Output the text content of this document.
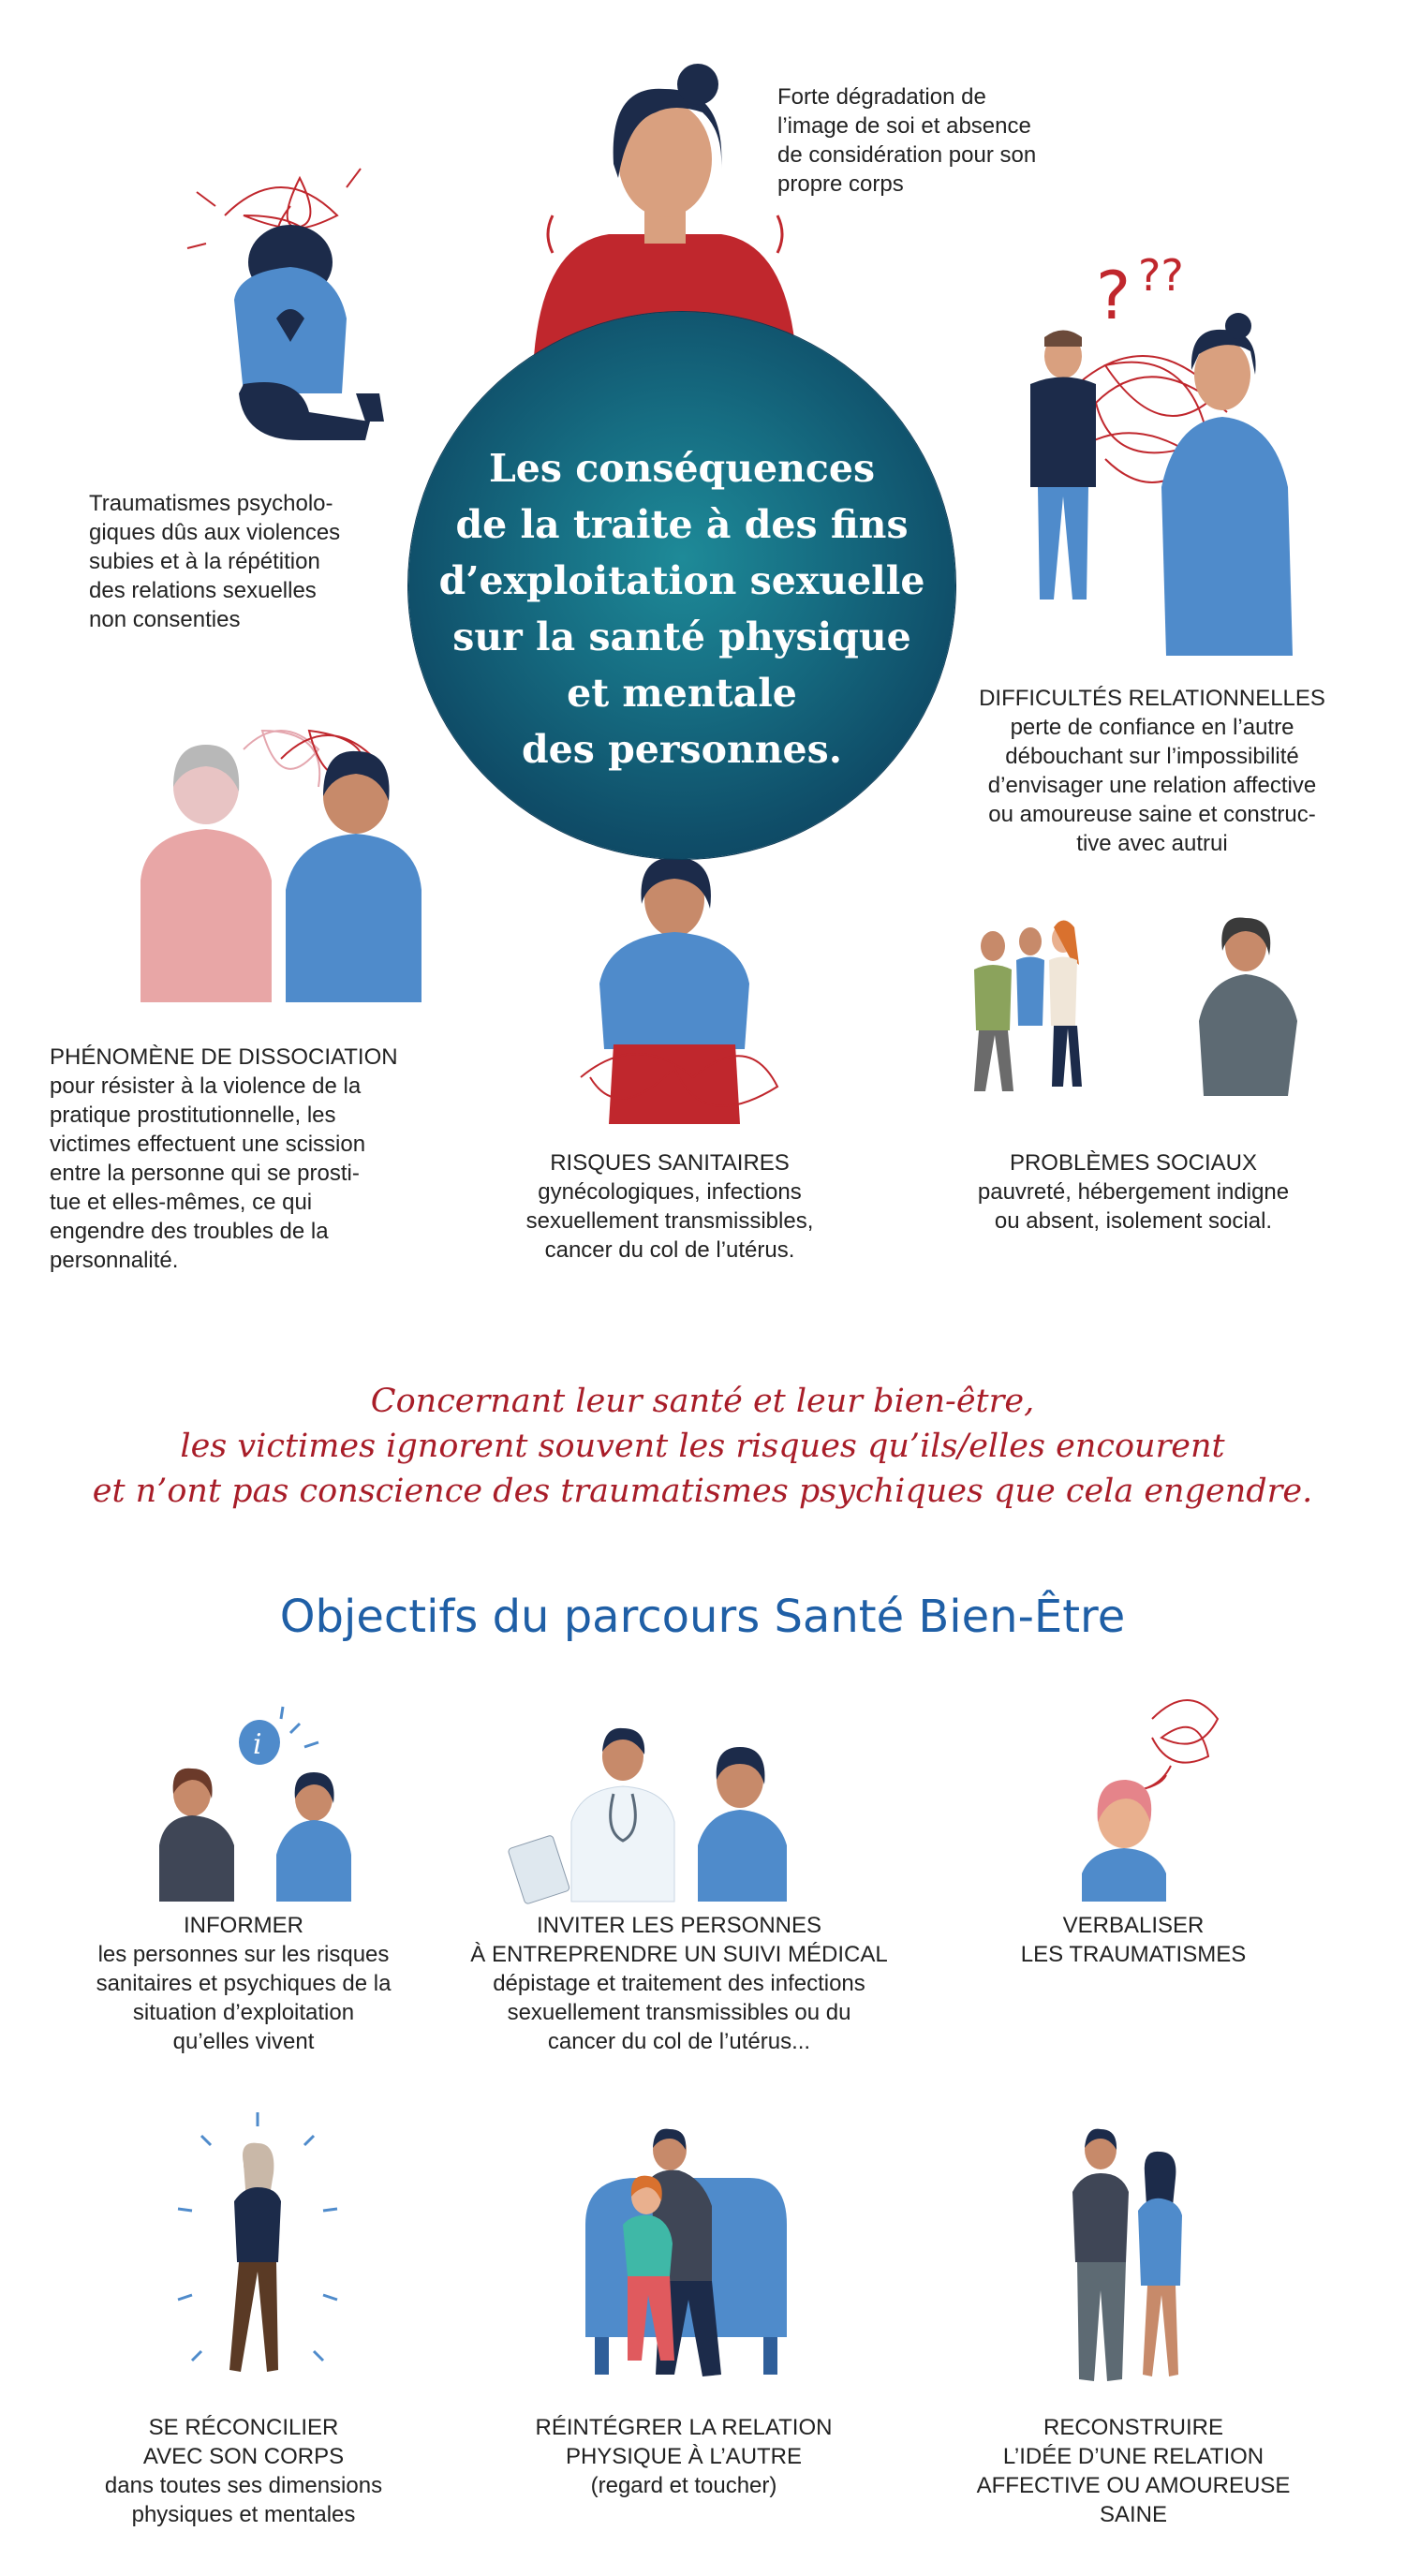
? ??
i
Les conséquences
de la traite à des fins
d’exploitation sexuelle
sur la santé physique
et mentale
des personnes.
Forte dégradation de
l’image de soi et absence
de considération pour son
propre corps
Traumatismes psycholo-
giques dûs aux violences
subies et à la répétition
des relations sexuelles
non consenties
DIFFICULTÉS RELATIONNELLES
perte de confiance en l’autre
débouchant sur l’impossibilité
d’envisager une relation affective
ou amoureuse saine et construc-
tive avec autrui
PHÉNOMÈNE DE DISSOCIATION
pour résister à la violence de la
pratique prostitutionnelle, les
victimes effectuent une scission
entre la personne qui se prosti-
tue et elles-mêmes, ce qui
engendre des troubles de la
personnalité.
RISQUES SANITAIRES
gynécologiques, infections
sexuellement transmissibles,
cancer du col de l’utérus.
PROBLÈMES SOCIAUX
pauvreté, hébergement indigne
ou absent, isolement social.
Concernant leur santé et leur bien-être,
les victimes ignorent souvent les risques qu’ils/elles encourent
et n’ont pas conscience des traumatismes psychiques que cela engendre.
Objectifs du parcours Santé Bien-Être
INFORMER
les personnes sur les risques
sanitaires et psychiques de la
situation d’exploitation
qu’elles vivent
INVITER LES PERSONNES
À ENTREPRENDRE UN SUIVI MÉDICAL
dépistage et traitement des infections
sexuellement transmissibles ou du
cancer du col de l’utérus...
VERBALISER
LES TRAUMATISMES
SE RÉCONCILIER
AVEC SON CORPS
dans toutes ses dimensions
physiques et mentales
RÉINTÉGRER LA RELATION
PHYSIQUE À L’AUTRE
(regard et toucher)
RECONSTRUIRE
L’IDÉE D’UNE RELATION
AFFECTIVE OU AMOUREUSE
SAINE
